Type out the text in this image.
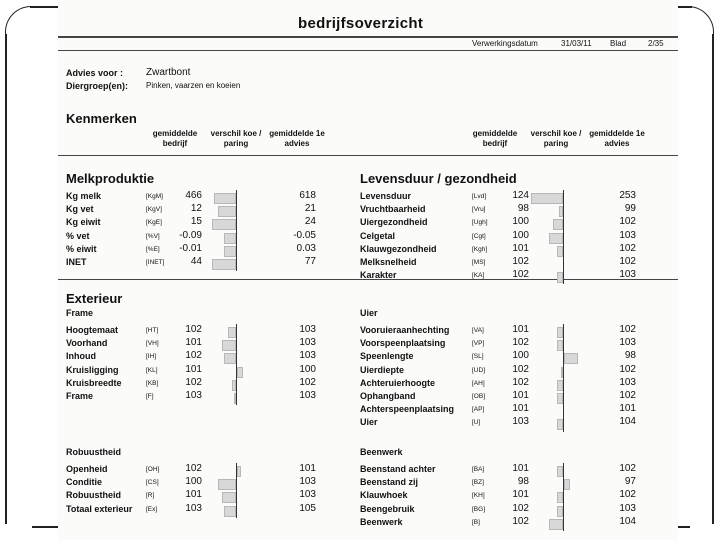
bedrijfsoverzicht
Verwerkingsdatum	31/03/11 Blad	2/35
Advies voor : Zwartbont
Diergroep(en): Pinken, vaarzen en koeien
Kenmerken
gemiddelde bedrijf
verschil koe / paring
gemiddelde 1e advies
gemiddelde bedrijf
verschil koe / paring
gemiddelde 1e advies
Melkproduktie	Levensduur / gezondheid
Exterieur
Frame	Uier
Robuustheid	Beenwerk
Kg melk	[KgM]	466	618
Kg vet	[KgV]	12	21
Kg eiwit	[KgE]	15	24
% vet	[%V]	-0.09	-0.05
% eiwit	[%E]	-0.01	0.03
INET	[INET]	44	77
Levensduur	[Lvd]	124	253
Vruchtbaarheid	[Vru]	98	99
Uiergezondheid	[Ugh]	100	102
Celgetal	[Cgt]	100	103
Klauwgezondheid	[Kgh]	101	102
Melksnelheid	[MS]	102	102
Karakter	[KA]	102	103
Hoogtemaat	[HT]	102	103
Voorhand	[VH]	101	103
Inhoud	[IH]	102	103
Kruisligging	[KL]	101	100
Kruisbreedte	[KB]	102	102
Frame	[F]	103	103
Vooruieraanhechting	[VA]	101	102
Voorspeenplaatsing	[VP]	102	103
Speenlengte	[SL]	100	98
Uierdiepte	[UD]	102	102
Achteruierhoogte	[AH]	102	103
Ophangband	[OB]	101	102
Achterspeenplaatsing	[AP]	101	101
Uier	[U]	103	104
Openheid	[OH]	102	101
Conditie	[CS]	100	103
Robuustheid	[R]	101	103
Totaal exterieur [Ex]	103	105
Beenstand achter	[BA]	101	102
Beenstand zij	[BZ]	98	97
Klauwhoek	[KH]	101	102
Beengebruik	[BG]	102	103
Beenwerk	[B]	102	104
